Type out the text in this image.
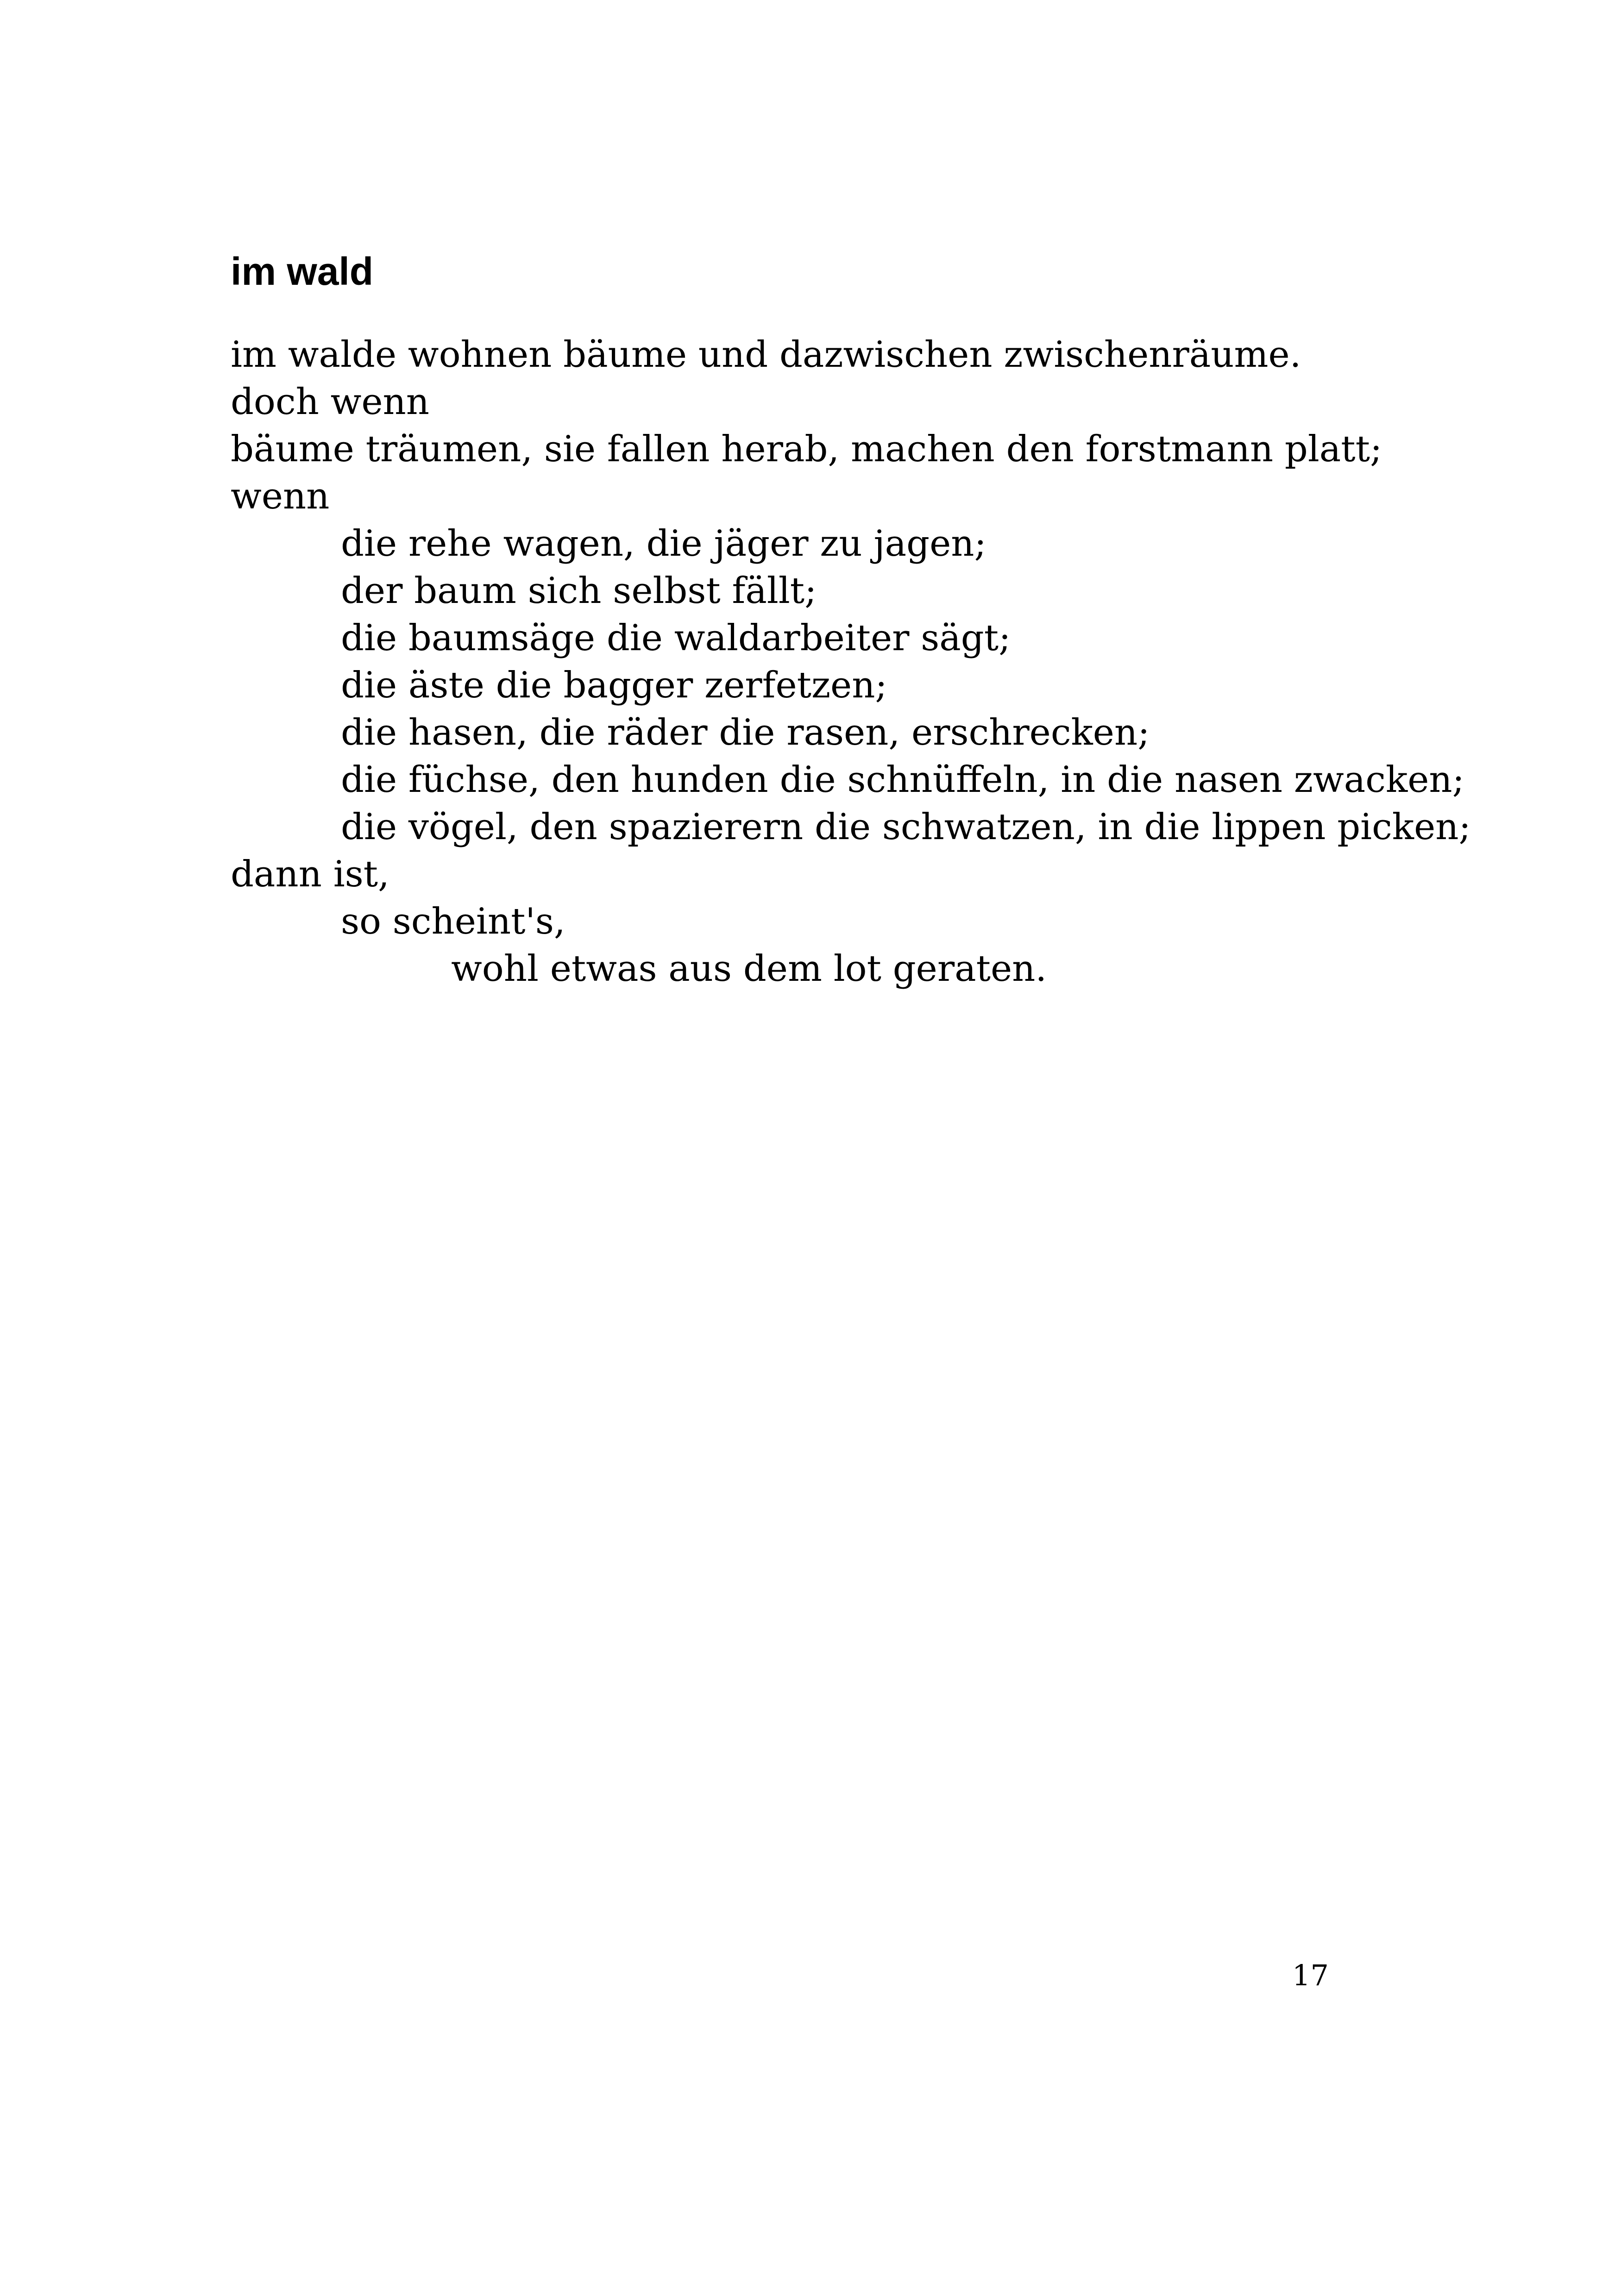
im wald
im walde wohnen bäume und dazwischen zwischenräume.
doch wenn
bäume träumen, sie fallen herab, machen den forstmann platt;
wenn
die rehe wagen, die jäger zu jagen;
der baum sich selbst fällt;
die baumsäge die waldarbeiter sägt;
die äste die bagger zerfetzen;
die hasen, die räder die rasen, erschrecken;
die füchse, den hunden die schnüffeln, in die nasen zwacken;
die vögel, den spazierern die schwatzen, in die lippen picken;
dann ist,
so scheint's,
wohl etwas aus dem lot geraten.
17
